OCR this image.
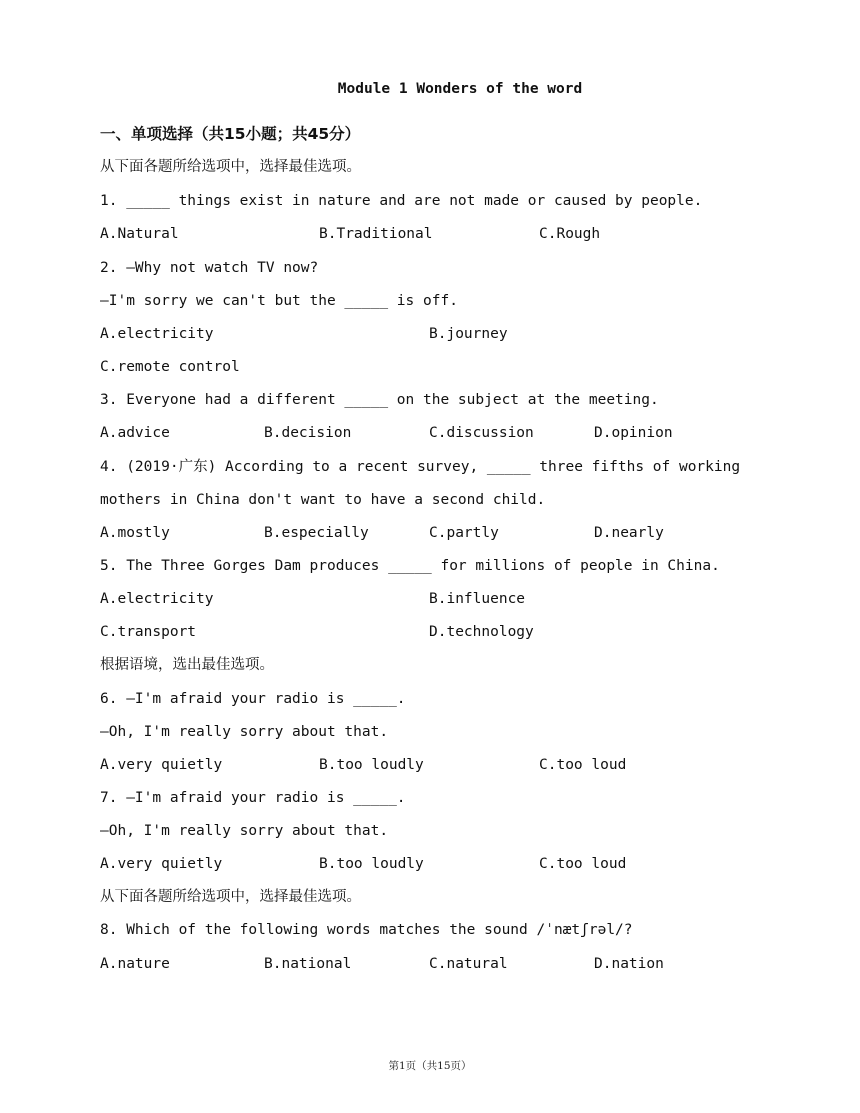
Module 1 Wonders of the word
一、单项选择（共15小题；共45分）
从下面各题所给选项中，选择最佳选项。
1. _____ things exist in nature and are not made or caused by people.
A.Natural	B.Traditional	C.Rough
2. —Why not watch TV now?
—I'm sorry we can't but the _____ is off.
A.electricity	B.journey
C.remote control
3. Everyone had a different _____ on the subject at the meeting.
A.advice	B.decision	C.discussion	D.opinion
4. (2019·广东) According to a recent survey, _____ three fifths of working
mothers in China don't want to have a second child.
A.mostly	B.especially	C.partly	D.nearly
5. The Three Gorges Dam produces _____ for millions of people in China.
A.electricity	B.influence
C.transport	D.technology
根据语境，选出最佳选项。
6. —I'm afraid your radio is _____.
—Oh, I'm really sorry about that.
A.very quietly	B.too loudly	C.too loud
7. —I'm afraid your radio is _____.
—Oh, I'm really sorry about that.
A.very quietly	B.too loudly	C.too loud
从下面各题所给选项中，选择最佳选项。
8. Which of the following words matches the sound /ˈnætʃrəl/?
A.nature	B.national	C.natural	D.nation
第1页（共15页）
